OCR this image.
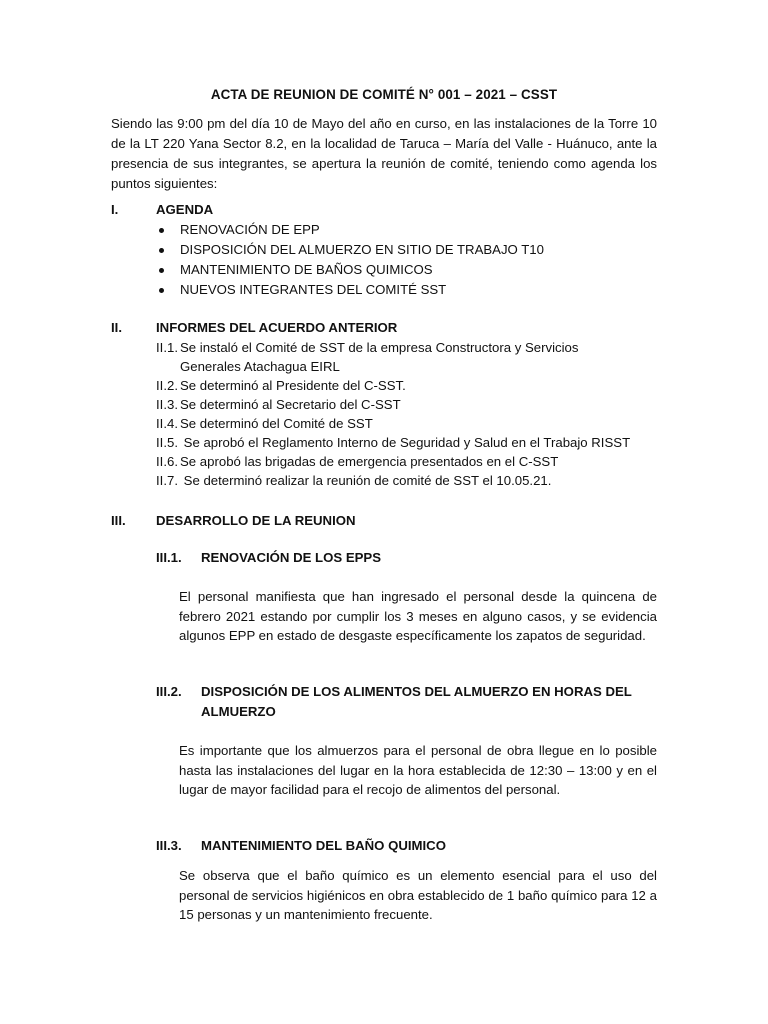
ACTA DE REUNION DE COMITÉ N° 001 – 2021 – CSST

Siendo las 9:00 pm del día 10 de Mayo del año en curso, en las instalaciones de la Torre 10 de la LT 220 Yana Sector 8.2, en la localidad de Taruca – María del Valle - Huánuco, ante la presencia de sus integrantes, se apertura la reunión de comité, teniendo como agenda los puntos siguientes:

I.	AGENDA
RENOVACIÓN DE EPP
DISPOSICIÓN DEL ALMUERZO EN SITIO DE TRABAJO T10
MANTENIMIENTO DE BAÑOS QUIMICOS
NUEVOS INTEGRANTES DEL COMITÉ SST
II.	INFORMES DEL ACUERDO ANTERIOR
II.1. Se instaló el Comité de SST de la empresa Constructora y Servicios
Generales Atachagua EIRL
II.2. Se determinó al Presidente del C-SST.
II.3. Se determinó al Secretario del C-SST
II.4. Se determinó del Comité de SST
II.5. Se aprobó el Reglamento Interno de Seguridad y Salud en el Trabajo RISST
II.6. Se aprobó las brigadas de emergencia presentados en el C-SST
II.7. Se determinó realizar la reunión de comité de SST el 10.05.21.
III. DESARROLLO DE LA REUNION
III.1. RENOVACIÓN DE LOS EPPS

El personal manifiesta que han ingresado el personal desde la quincena de febrero 2021 estando por cumplir los 3 meses en alguno casos, y se evidencia algunos EPP en estado de desgaste específicamente los zapatos de seguridad.

III.2. DISPOSICIÓN DE LOS ALIMENTOS DEL ALMUERZO EN HORAS DEL
ALMUERZO

Es importante que los almuerzos para el personal de obra llegue en lo posible hasta las instalaciones del lugar en la hora establecida de 12:30 – 13:00 y en el lugar de mayor facilidad para el recojo de alimentos del personal.

III.3. MANTENIMIENTO DEL BAÑO QUIMICO

Se observa que el baño químico es un elemento esencial para el uso del personal de servicios higiénicos en obra establecido de 1 baño químico para 12 a 15 personas y un mantenimiento frecuente.
